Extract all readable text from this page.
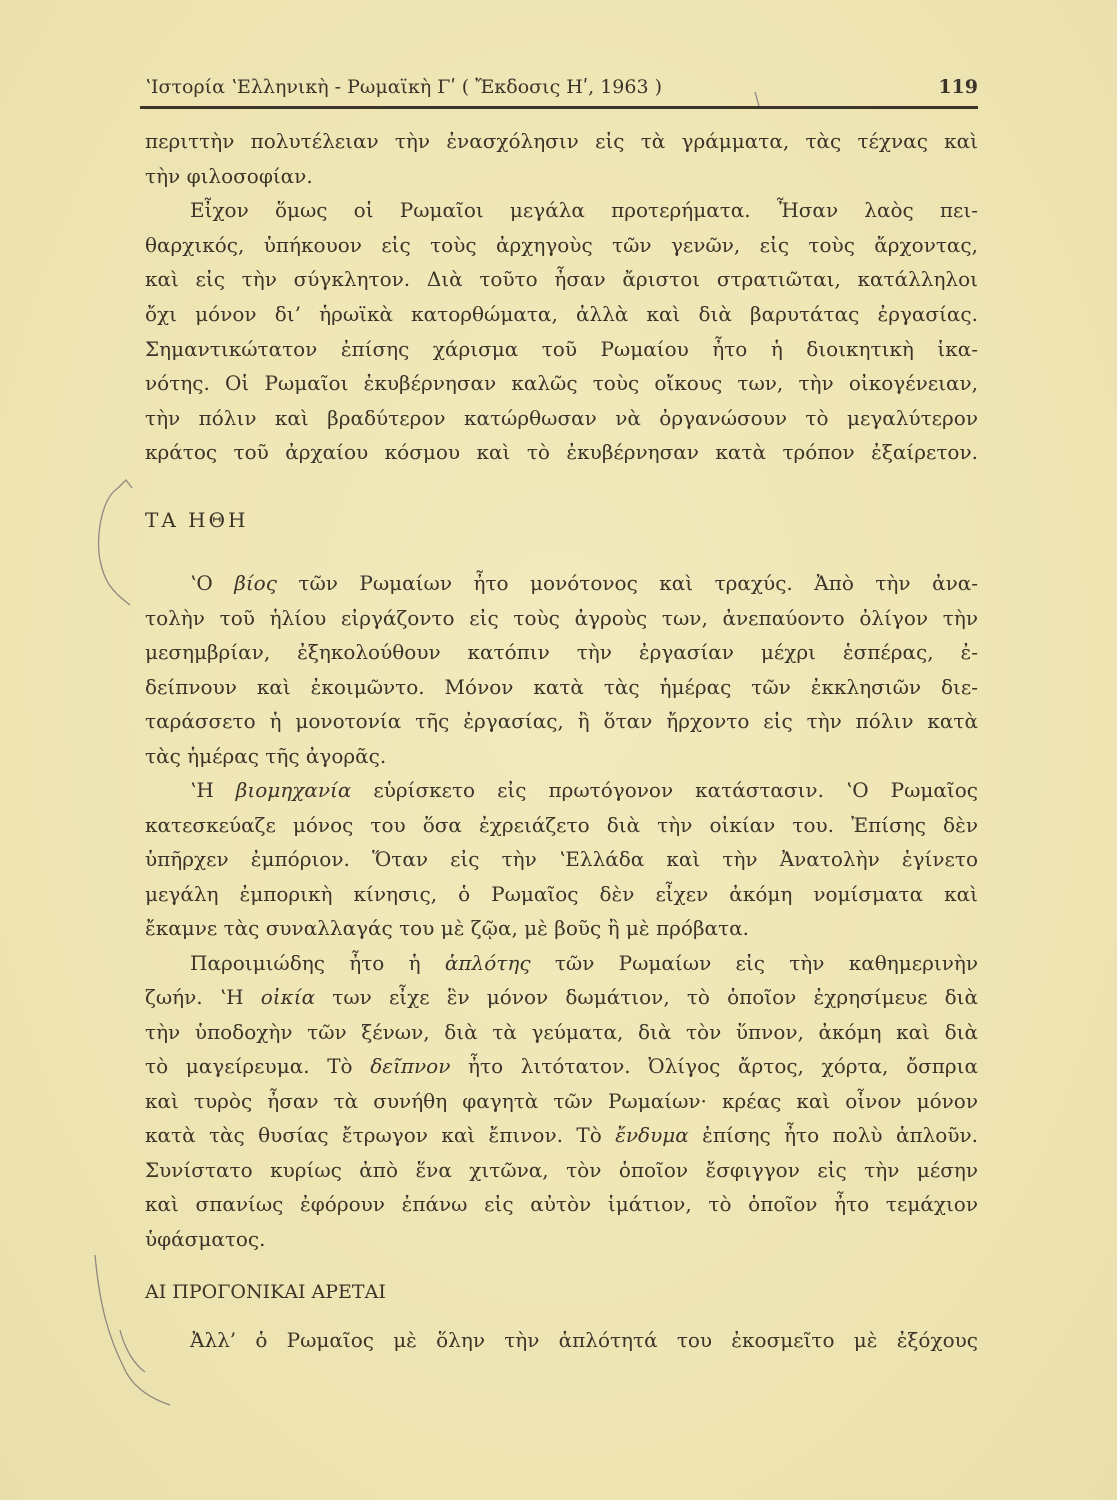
ʽΙστορία ʽΕλληνικὴ - Ρωμαϊκὴ Γʹ ( Ἔκδοσις Ηʹ, 1963 )	119
περιττὴν πολυτέλειαν τὴν ἐνασχόλησιν εἰς τὰ γράμματα, τὰς τέχνας καὶ
τὴν φιλοσοφίαν.
Εἶχον ὅμως οἱ Ρωμαῖοι μεγάλα προτερήματα. Ἦσαν λαὸς πει-
θαρχικός, ὑπήκουον εἰς τοὺς ἀρχηγοὺς τῶν γενῶν, εἰς τοὺς ἄρχοντας,
καὶ εἰς τὴν σύγκλητον. Διὰ τοῦτο ἦσαν ἄριστοι στρατιῶται, κατάλληλοι
ὄχι μόνον δι’ ἡρωϊκὰ κατορθώματα, ἀλλὰ καὶ διὰ βαρυτάτας ἐργασίας.
Σημαντικώτατον ἐπίσης χάρισμα τοῦ Ρωμαίου ἦτο ἡ διοικητικὴ ἱκα-
νότης. Οἱ Ρωμαῖοι ἐκυβέρνησαν καλῶς τοὺς οἴκους των, τὴν οἰκογένειαν,
τὴν πόλιν καὶ βραδύτερον κατώρθωσαν νὰ ὀργανώσουν τὸ μεγαλύτερον
κράτος τοῦ ἀρχαίου κόσμου καὶ τὸ ἐκυβέρνησαν κατὰ τρόπον ἐξαίρετον.
ΤΑ ΗΘΗ
ʽΟ βίος τῶν Ρωμαίων ἦτο μονότονος καὶ τραχύς. Ἀπὸ τὴν ἀνα-
τολὴν τοῦ ἡλίου εἰργάζοντο εἰς τοὺς ἀγροὺς των, ἀνεπαύοντο ὀλίγον τὴν
μεσημβρίαν, ἐξηκολούθουν κατόπιν τὴν ἐργασίαν μέχρι ἑσπέρας, ἐ-
δείπνουν καὶ ἐκοιμῶντο. Μόνον κατὰ τὰς ἡμέρας τῶν ἐκκλησιῶν διε-
ταράσσετο ἡ μονοτονία τῆς ἐργασίας, ἢ ὅταν ἤρχοντο εἰς τὴν πόλιν κατὰ
τὰς ἡμέρας τῆς ἀγορᾶς.
ʽΗ βιομηχανία εὑρίσκετο εἰς πρωτόγονον κατάστασιν. ʽΟ Ρωμαῖος
κατεσκεύαζε μόνος του ὅσα ἐχρειάζετο διὰ τὴν οἰκίαν του. Ἐπίσης δὲν
ὑπῆρχεν ἐμπόριον. Ὅταν εἰς τὴν ʽΕλλάδα καὶ τὴν Ἀνατολὴν ἐγίνετο
μεγάλη ἐμπορικὴ κίνησις, ὁ Ρωμαῖος δὲν εἶχεν ἀκόμη νομίσματα καὶ
ἔκαμνε τὰς συναλλαγάς του μὲ ζῷα, μὲ βοῦς ἢ μὲ πρόβατα.
Παροιμιώδης ἦτο ἡ ἁπλότης τῶν Ρωμαίων εἰς τὴν καθημερινὴν
ζωήν. ʽΗ οἰκία των εἶχε ἓν μόνον δωμάτιον, τὸ ὁποῖον ἐχρησίμευε διὰ
τὴν ὑποδοχὴν τῶν ξένων, διὰ τὰ γεύματα, διὰ τὸν ὕπνον, ἀκόμη καὶ διὰ
τὸ μαγείρευμα. Τὸ δεῖπνον ἦτο λιτότατον. Ὀλίγος ἄρτος, χόρτα, ὄσπρια
καὶ τυρὸς ἦσαν τὰ συνήθη φαγητὰ τῶν Ρωμαίων· κρέας καὶ οἶνον μόνον
κατὰ τὰς θυσίας ἔτρωγον καὶ ἔπινον. Τὸ ἔνδυμα ἐπίσης ἦτο πολὺ ἁπλοῦν.
Συνίστατο κυρίως ἀπὸ ἕνα χιτῶνα, τὸν ὁποῖον ἔσφιγγον εἰς τὴν μέσην
καὶ σπανίως ἐφόρουν ἐπάνω εἰς αὐτὸν ἱμάτιον, τὸ ὁποῖον ἦτο τεμάχιον
ὑφάσματος.
ΑΙ ΠΡΟΓΟΝΙΚΑΙ ΑΡΕΤΑΙ
Ἀλλ’ ὁ Ρωμαῖος μὲ ὅλην τὴν ἁπλότητά του ἐκοσμεῖτο μὲ ἐξόχους
